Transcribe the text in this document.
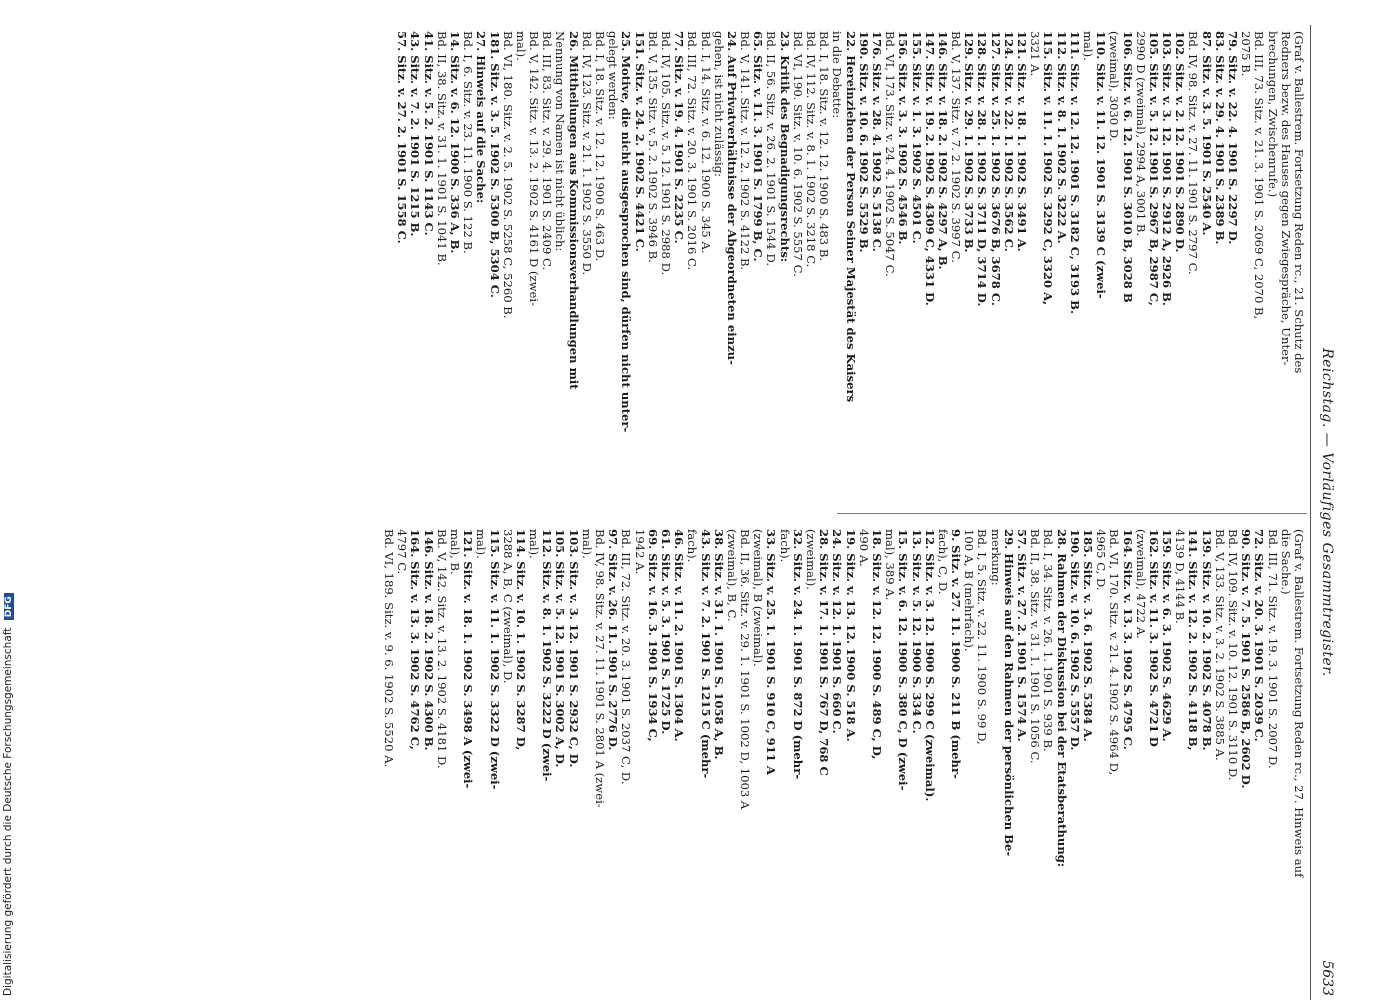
Reichstag. — Vorläufiges Gesammtregister.
5633
(Graf v. Ballestrem. Fortsetzung Reden rc., 21. Schutz des
Redners bezw. des Hauses gegen Zwiegespräche, Unter-
brechungen, Zwischenrufe.)
Bd. III, 73. Sitz. v. 21. 3. 1901 S. 2069 C, 2070 B,
2075 B.
79. Sitz. v. 22. 4. 1901 S. 2297 D.
83. Sitz. v. 29. 4. 1901 S. 2389 B.
87. Sitz. v. 3. 5. 1901 S. 2540 A.
Bd. IV, 98. Sitz. v. 27. 11. 1901 S. 2797 C.
102. Sitz. v. 2. 12. 1901 S. 2890 D.
103. Sitz. v. 3. 12. 1901 S. 2912 A, 2926 B.
105. Sitz. v. 5. 12. 1901 S. 2967 B, 2987 C,
2990 D (zweimal), 2994 A, 3001 B.
106. Sitz. v. 6. 12. 1901 S. 3010 B, 3028 B
(zweimal), 3030 D.
110. Sitz. v. 11. 12. 1901 S. 3139 C (zwei-
mal).
111. Sitz. v. 12. 12. 1901 S. 3182 C, 3193 B.
112. Sitz. v. 8. 1. 1902 S. 3222 A.
115. Sitz. v. 11. 1. 1902 S. 3292 C, 3320 A,
3321 A.
121. Sitz. v. 18. 1. 1902 S. 3491 A.
124. Sitz. v. 22. 1. 1902 S. 3562 C.
127. Sitz. v. 25. 1. 1902 S. 3676 B, 3678 C.
128. Sitz. v. 28. 1. 1902 S. 3711 D, 3714 D.
129. Sitz. v. 29. 1. 1902 S. 3733 B.
Bd. V, 137. Sitz. v. 7. 2. 1902 S. 3997 C.
146. Sitz. v. 18. 2. 1902 S. 4297 A, B.
147. Sitz. v. 19. 2. 1902 S. 4309 C, 4331 D.
155. Sitz. v. 1. 3. 1902 S. 4501 C.
156. Sitz. v. 3. 3. 1902 S. 4546 B.
Bd. VI, 173. Sitz. v. 24. 4. 1902 S. 5047 C.
176. Sitz. v. 28. 4. 1902 S. 5138 C.
190. Sitz. v. 10. 6. 1902 S. 5529 B.
22. Hereinziehen der Person Seiner Majestät des Kaisers
in die Debatte:
Bd. I, 18. Sitz. v. 12. 12. 1900 S. 483 B.
Bd. IV, 112. Sitz. v. 8. 1. 1902 S. 3218 C.
Bd. VI, 190. Sitz. v. 10. 6. 1902 S. 5557 C.
23. Kritik des Begnadigungsrechts:
Bd. II, 56. Sitz. v. 26. 2. 1901 S. 1544 D.
65. Sitz. v. 11. 3. 1901 S. 1799 B, C.
Bd. V, 141. Sitz. v. 12. 2. 1902 S. 4122 B.
24. Auf Privatverhältnisse der Abgeordneten einzu-
gehen, ist nicht zulässig:
Bd. I, 14. Sitz. v. 6. 12. 1900 S. 345 A.
Bd. III, 72. Sitz. v. 20. 3. 1901 S. 2016 C.
77. Sitz. v. 19. 4. 1901 S. 2235 C.
Bd. IV, 105. Sitz. v. 5. 12. 1901 S. 2988 D.
Bd. V, 135. Sitz. v. 5. 2. 1902 S. 3946 B.
151. Sitz. v. 24. 2. 1902 S. 4421 C.
25. Motive, die nicht ausgesprochen sind, dürfen nicht unter-
gelegt werden:
Bd. I, 18. Sitz. v. 12. 12. 1900 S. 463 D.
Bd. IV, 123. Sitz. v. 21. 1. 1902 S. 3550 D.
26. Mittheilungen aus Kommissionsverhandlungen mit
Nennung von Namen ist nicht üblich:
Bd. III, 83. Sitz. v. 29. 4. 1901 S. 2409 C.
Bd. V, 142. Sitz. v. 13. 2. 1902 S. 4161 D (zwei-
mal).
Bd. VI, 180. Sitz. v. 2. 5. 1902 S. 5258 C, 5260 B.
181. Sitz. v. 3. 5. 1902 S. 5300 B, 5304 C.
27. Hinweis auf die Sache:
Bd. I, 6. Sitz. v. 23. 11. 1900 S. 122 B.
14. Sitz. v. 6. 12. 1900 S. 336 A, B.
Bd. II, 38. Sitz. v. 31. 1. 1901 S. 1041 B.
41. Sitz. v. 5. 2. 1901 S. 1143 C.
43. Sitz. v. 7. 2. 1901 S. 1215 B.
57. Sitz. v. 27. 2. 1901 S. 1558 C.
(Graf v. Ballestrem. Fortsetzung Reden rc., 27. Hinweis auf
die Sache.)
Bd. III, 71. Sitz. v. 19. 3. 1901 S. 2007 D.
72. Sitz. v. 20. 3. 1901 S. 2039 C.
90. Sitz. v. 7. 5. 1901 S. 2586 B, 2602 D.
Bd. IV, 109. Sitz. v. 10. 12. 1901 S. 3110 D.
Bd. V, 133. Sitz. v. 3. 2. 1902 S. 3885 A.
139. Sitz. v. 10. 2. 1902 S. 4078 B.
141. Sitz. v. 12. 2. 1902 S. 4118 B,
4139 D, 4144 B.
159. Sitz. v. 6. 3. 1902 S. 4629 A.
162. Sitz. v. 11. 3. 1902 S. 4721 D
(zweimal), 4722 A.
164. Sitz. v. 13. 3. 1902 S. 4795 C.
Bd. VI, 170. Sitz. v. 21. 4. 1902 S. 4964 D,
4965 C, D.
185. Sitz. v. 3. 6. 1902 S. 5384 A.
190. Sitz. v. 10. 6. 1902 S. 5557 D.
28. Rahmen der Diskussion bei der Etatsberathung:
Bd. I, 34. Sitz. v. 26. 1. 1901 S. 939 B.
Bd. II, 38. Sitz. v. 31. 1. 1901 S. 1056 C.
57. Sitz. v. 27. 2. 1901 S. 1574 A.
29. Hinweis auf den Rahmen der persönlichen Be-
merkung:
Bd. I, 5. Sitz. v. 22. 11. 1900 S. 99 D,
100 A, B (mehrfach).
9. Sitz. v. 27. 11. 1900 S. 211 B (mehr-
fach), C, D.
12. Sitz. v. 3. 12. 1900 S. 299 C (zweimal).
13. Sitz. v. 5. 12. 1900 S. 334 C.
15. Sitz. v. 6. 12. 1900 S. 380 C, D (zwei-
mal), 389 A.
18. Sitz. v. 12. 12. 1900 S. 489 C, D,
490 A.
19. Sitz. v. 13. 12. 1900 S. 518 A.
24. Sitz. v. 12. 1. 1901 S. 660 C.
28. Sitz. v. 17. 1. 1901 S. 767 D, 768 C
(zweimal).
32. Sitz. v. 24. 1. 1901 S. 872 D (mehr-
fach).
33. Sitz. v. 25. 1. 1901 S. 910 C, 911 A
(zweimal), B (zweimal).
Bd. II, 36. Sitz. v. 29. 1. 1901 S. 1002 D, 1003 A
(zweimal), B, C.
38. Sitz. v. 31. 1. 1901 S. 1058 A, B.
43. Sitz. v. 7. 2. 1901 S. 1215 C (mehr-
fach).
46. Sitz. v. 11. 2. 1901 S. 1304 A.
61. Sitz. v. 5. 3. 1901 S. 1725 D.
69. Sitz. v. 16. 3. 1901 S. 1934 C,
1942 A.
Bd. III, 72. Sitz. v. 20. 3. 1901 S. 2037 C, D.
97. Sitz. v. 26. 11. 1901 S. 2776 D.
Bd. IV, 98. Sitz. v. 27. 11. 1901 S. 2801 A (zwei-
mal).
103. Sitz. v. 3. 12. 1901 S. 2932 C, D.
105. Sitz. v. 5. 12. 1901 S. 3002 A, D.
112. Sitz. v. 8. 1. 1902 S. 3222 D (zwei-
mal).
114. Sitz. v. 10. 1. 1902 S. 3287 D,
3288 A, B, C (zweimal), D.
115. Sitz. v. 11. 1. 1902 S. 3322 D (zwei-
mal).
121. Sitz. v. 18. 1. 1902 S. 3498 A (zwei-
mal), B.
Bd. V, 142. Sitz. v. 13. 2. 1902 S. 4181 D.
146. Sitz. v. 18. 2. 1902 S. 4300 B.
164. Sitz. v. 13. 3. 1902 S. 4762 C,
4797 C.
Bd. VI, 189. Sitz. v. 9. 6. 1902 S. 5520 A.
Digitalisierung gefördert durch die Deutsche Forschungsgemeinschaft DFG
